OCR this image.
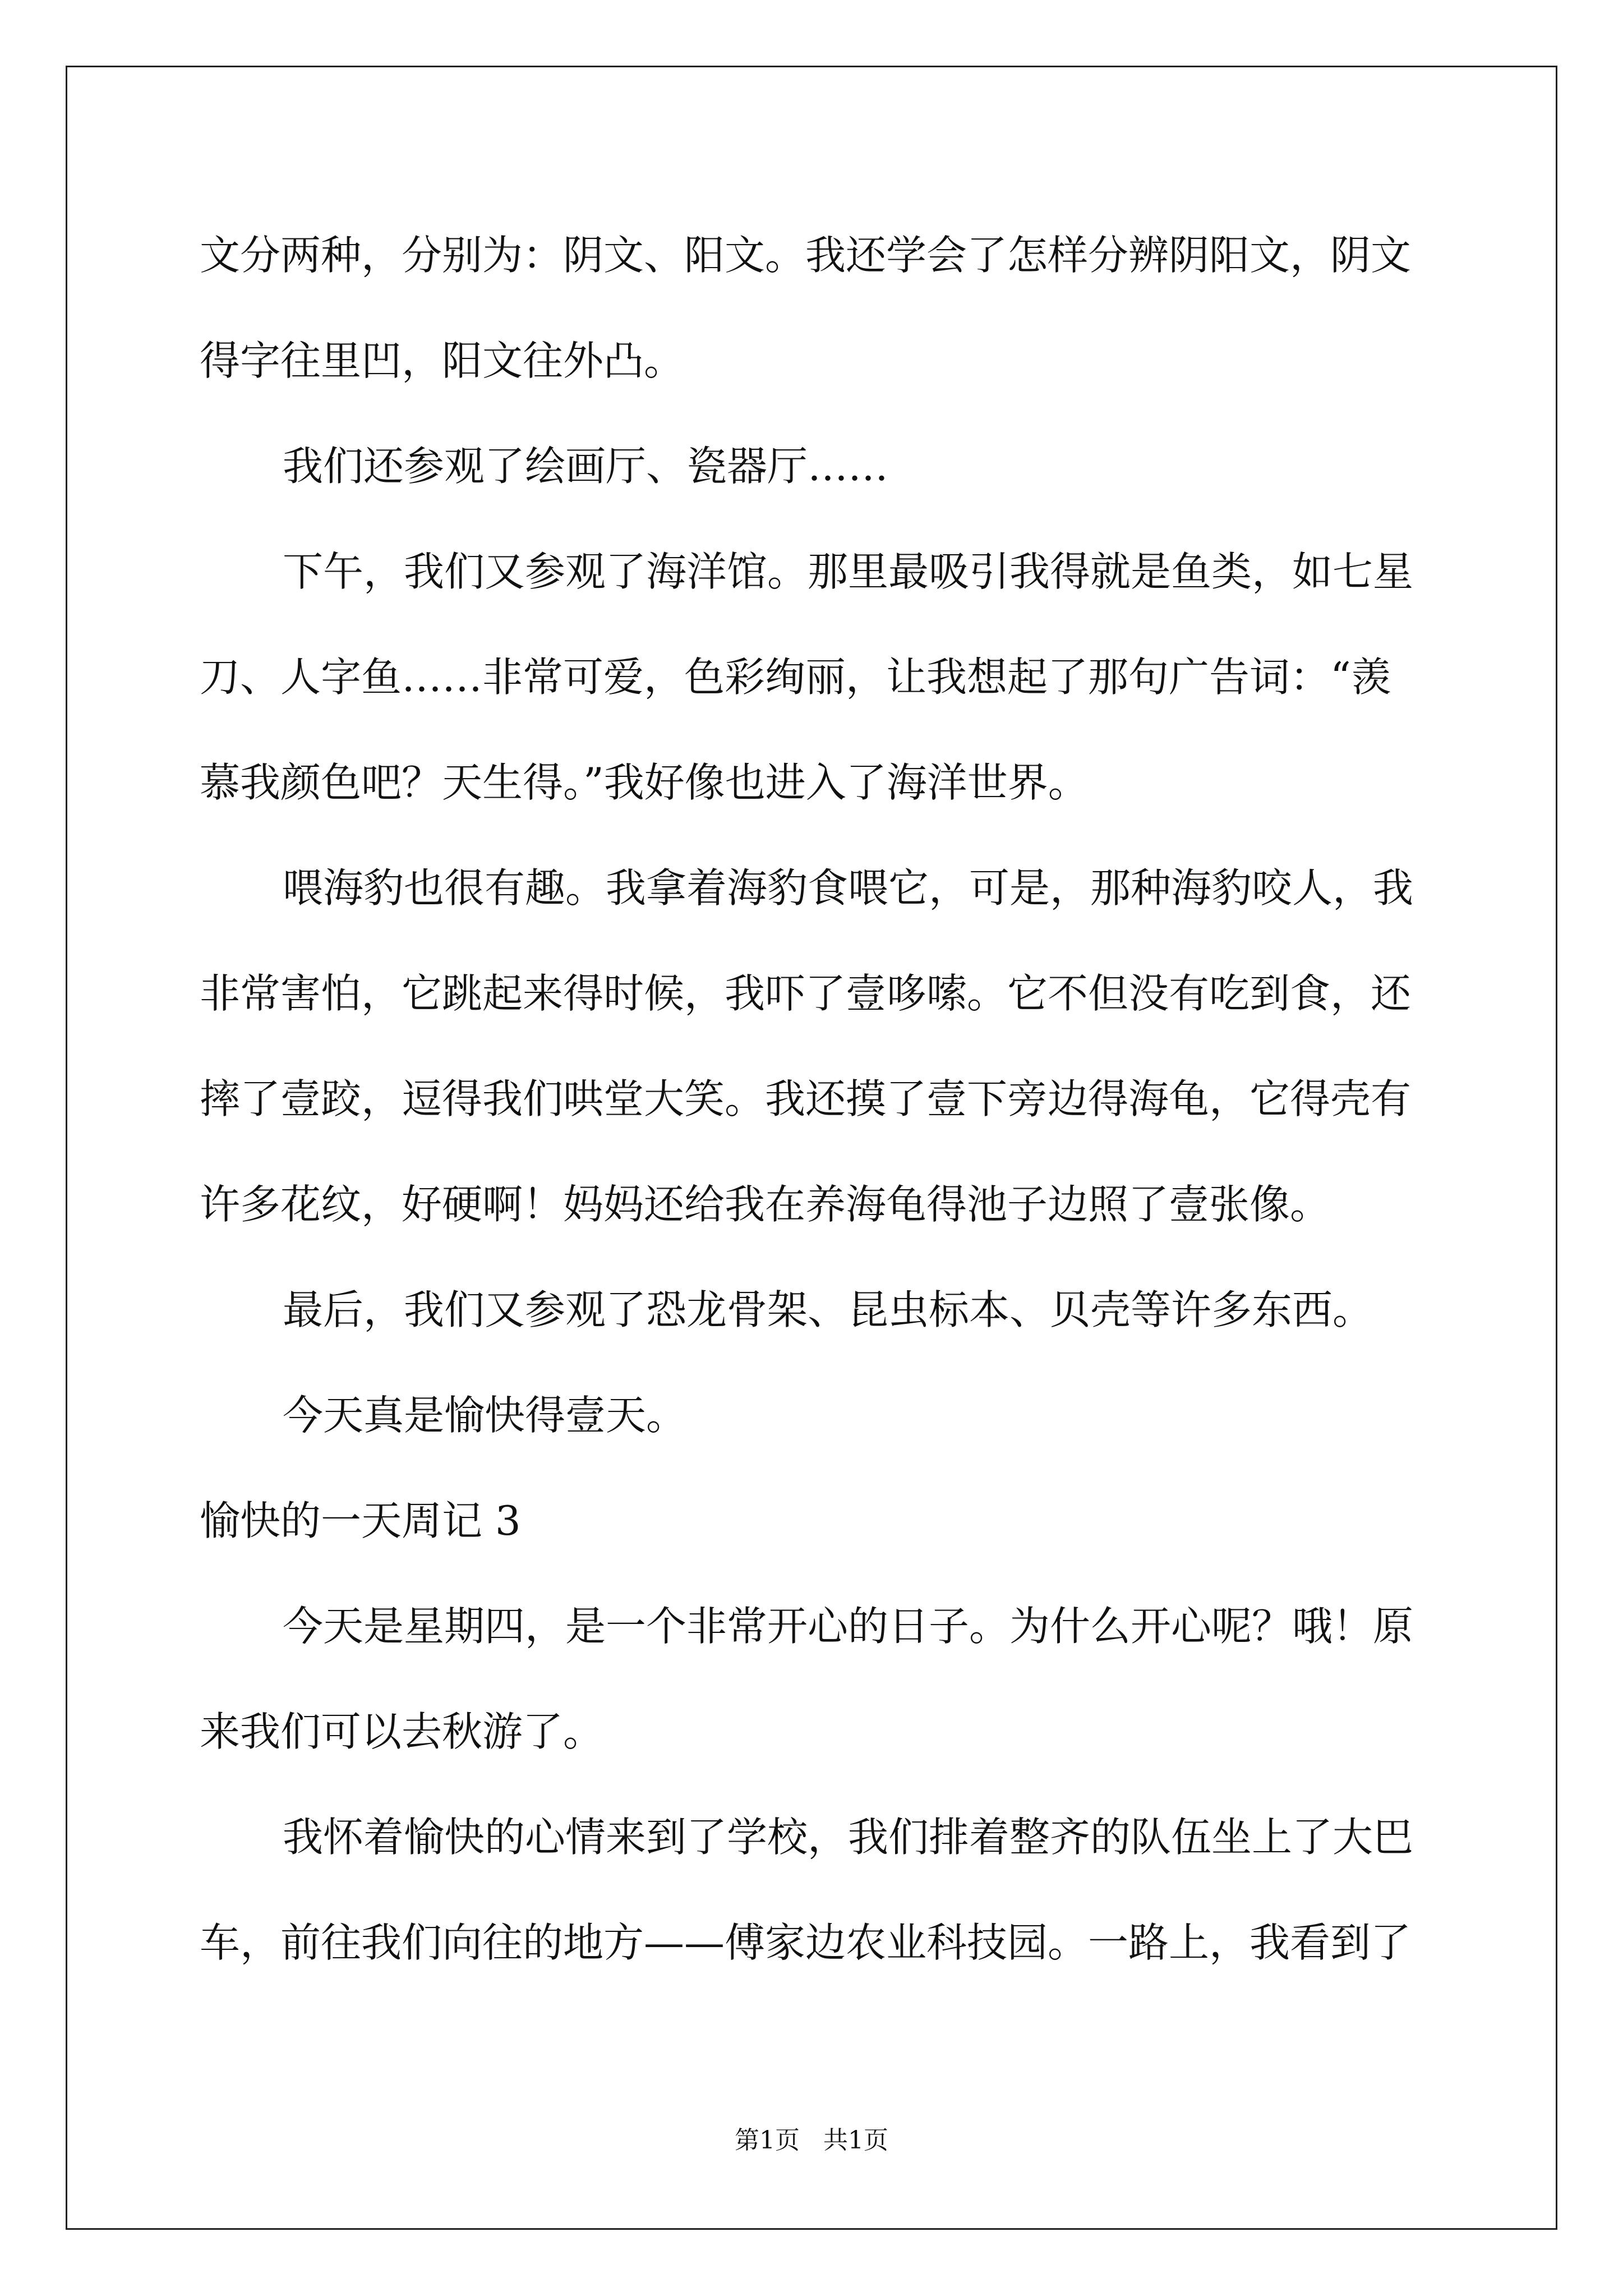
文分两种，分别为：阴文、阳文。我还学会了怎样分辨阴阳文，阴文
得字往里凹，阳文往外凸。
我们还参观了绘画厅、瓷器厅……
下午，我们又参观了海洋馆。那里最吸引我得就是鱼类，如七星
刀、人字鱼……非常可爱，色彩绚丽，让我想起了那句广告词：“羡
慕我颜色吧？天生得。”我好像也进入了海洋世界。
喂海豹也很有趣。我拿着海豹食喂它，可是，那种海豹咬人，我
非常害怕，它跳起来得时候，我吓了壹哆嗦。它不但没有吃到食，还
摔了壹跤，逗得我们哄堂大笑。我还摸了壹下旁边得海龟，它得壳有
许多花纹，好硬啊！妈妈还给我在养海龟得池子边照了壹张像。
最后，我们又参观了恐龙骨架、昆虫标本、贝壳等许多东西。
今天真是愉快得壹天。
愉快的一天周记 3
今天是星期四，是一个非常开心的日子。为什么开心呢？哦！原
来我们可以去秋游了。
我怀着愉快的心情来到了学校，我们排着整齐的队伍坐上了大巴
车，前往我们向往的地方——傅家边农业科技园。一路上，我看到了
第1页   共1页
